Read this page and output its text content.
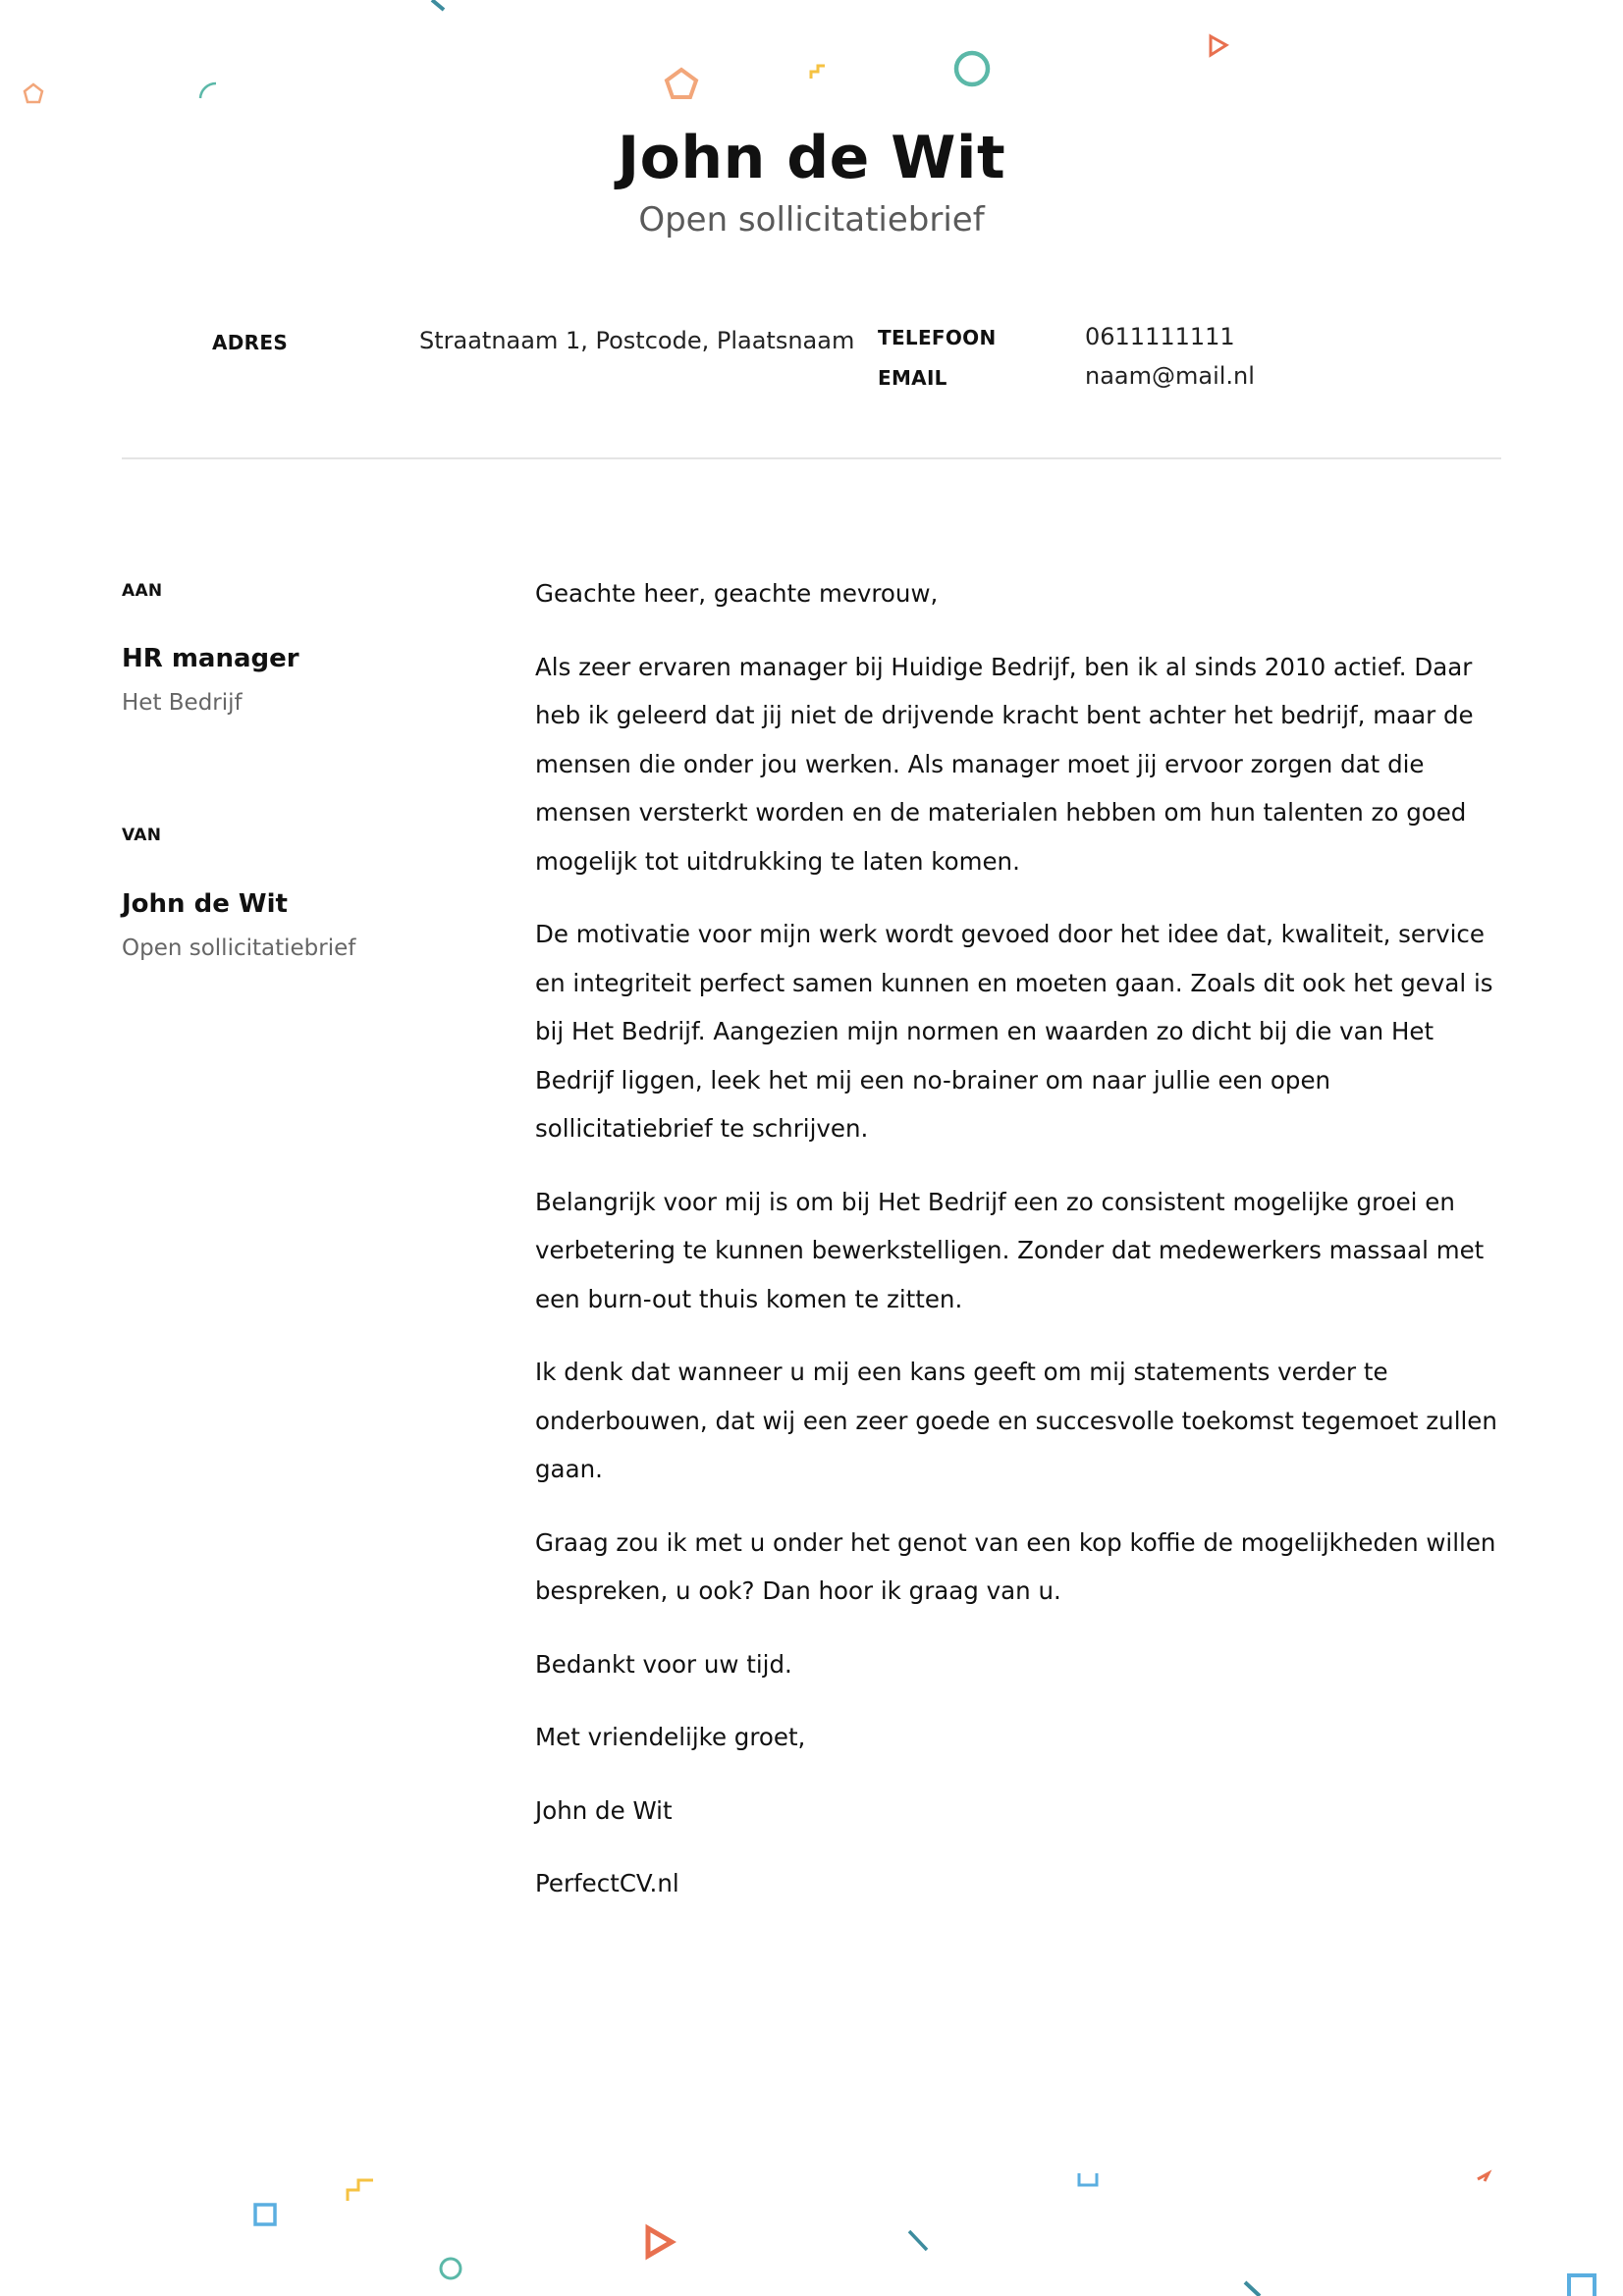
John de Wit
Open sollicitatiebrief
ADRES	Straatnaam 1, Postcode, Plaatsnaam TELEFOON	0611111111
EMAIL	naam@mail.nl
AAN
HR manager
Het Bedrijf
VAN
John de Wit
Open sollicitatiebrief

Geachte heer, geachte mevrouw,

Als zeer ervaren manager bij Huidige Bedrijf, ben ik al sinds 2010 actief. Daar heb ik geleerd dat jij niet de drijvende kracht bent achter het bedrijf, maar de mensen die onder jou werken. Als manager moet jij ervoor zorgen dat die mensen versterkt worden en de materialen hebben om hun talenten zo goed mogelijk tot uitdrukking te laten komen.

De motivatie voor mijn werk wordt gevoed door het idee dat, kwaliteit, service en integriteit perfect samen kunnen en moeten gaan. Zoals dit ook het geval is bij Het Bedrijf. Aangezien mijn normen en waarden zo dicht bij die van Het Bedrijf liggen, leek het mij een no-brainer om naar jullie een open sollicitatiebrief te schrijven.

Belangrijk voor mij is om bij Het Bedrijf een zo consistent mogelijke groei en verbetering te kunnen bewerkstelligen. Zonder dat medewerkers massaal met een burn-out thuis komen te zitten.

Ik denk dat wanneer u mij een kans geeft om mij statements verder te onderbouwen, dat wij een zeer goede en succesvolle toekomst tegemoet zullen gaan.

Graag zou ik met u onder het genot van een kop koffie de mogelijkheden willen bespreken, u ook? Dan hoor ik graag van u.

Bedankt voor uw tijd.

Met vriendelijke groet,

John de Wit

PerfectCV.nl
